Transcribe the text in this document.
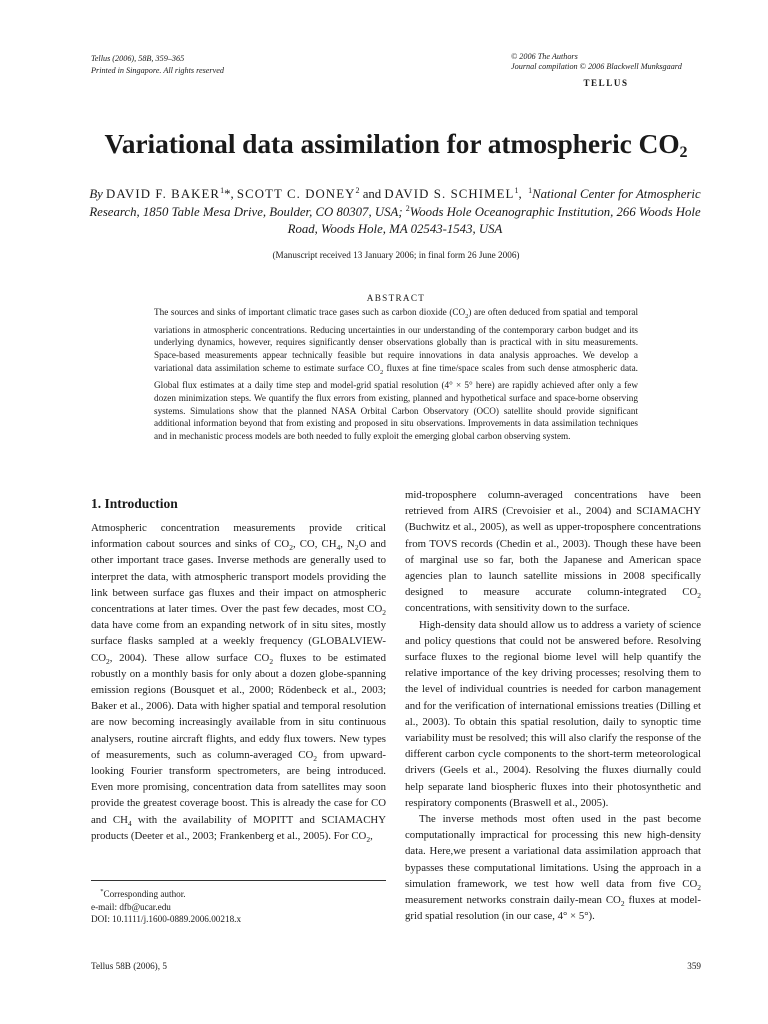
Tellus (2006), 58B, 359–365
Printed in Singapore. All rights reserved
© 2006 The Authors
Journal compilation © 2006 Blackwell Munksgaard
TELLUS
Variational data assimilation for atmospheric $CO_2$
By DAVID F. BAKER$^1$*, SCOTT C. DONEY$^2$ and DAVID S. SCHIMEL$^1$,  $^1$National Center for Atmospheric Research, 1850 Table Mesa Drive, Boulder, CO 80307, USA; $^2$Woods Hole Oceanographic Institution, 266 Woods Hole Road, Woods Hole, MA 02543-1543, USA
(Manuscript received 13 January 2006; in final form 26 June 2006)
ABSTRACT
The sources and sinks of important climatic trace gases such as carbon dioxide $(CO_2)$ are often deduced from spatial and temporal variations in atmospheric concentrations. Reducing uncertainties in our understanding of the contemporary carbon budget and its underlying dynamics, however, requires significantly denser observations globally than is practical with in situ measurements. Space-based measurements appear technically feasible but require innovations in data analysis approaches. We develop a variational data assimilation scheme to estimate surface $CO_2$ fluxes at fine time/space scales from such dense atmospheric data. Global flux estimates at a daily time step and model-grid spatial resolution (4° × 5° here) are rapidly achieved after only a few dozen minimization steps. We quantify the flux errors from existing, planned and hypothetical surface and space-borne observing systems. Simulations show that the planned NASA Orbital Carbon Observatory (OCO) satellite should provide significant additional information beyond that from existing and proposed in situ observations. Improvements in data assimilation techniques and in mechanistic process models are both needed to fully exploit the emerging global carbon observing system.
1. Introduction

Atmospheric concentration measurements provide critical information cabout sources and sinks of $CO_2$, CO, $CH_4$, $N_2O$ and other important trace gases. Inverse methods are generally used to interpret the data, with atmospheric transport models providing the link between surface gas fluxes and their impact on atmospheric concentrations at later times. Over the past few decades, most $CO_2$ data have come from an expanding network of in situ sites, mostly surface flasks sampled at a weekly frequency ($GLOBALVIEW-CO_2$, 2004). These allow surface $CO_2$ fluxes to be estimated robustly on a monthly basis for only about a dozen globe-spanning emission regions (Bousquet et al., 2000; Rödenbeck et al., 2003; Baker et al., 2006). Data with higher spatial and temporal resolution are now becoming increasingly available from in situ continuous analysers, routine aircraft flights, and eddy flux towers. New types of measurements, such as column-averaged $CO_2$ from upward-looking Fourier transform spectrometers, are being introduced. Even more promising, concentration data from satellites may soon provide the greatest coverage boost. This is already the case for CO and $CH_4$ with the availability of MOPITT and SCIAMACHY products (Deeter et al., 2003; Frankenberg et al., 2005). For $CO_2$,

mid-troposphere column-averaged concentrations have been retrieved from AIRS (Crevoisier et al., 2004) and SCIAMACHY (Buchwitz et al., 2005), as well as upper-troposphere concentrations from TOVS records (Chedin et al., 2003). Though these have been of marginal use so far, both the Japanese and American space agencies plan to launch satellite missions in 2008 specifically designed to measure accurate column-integrated $CO_2$ concentrations, with sensitivity down to the surface.

High-density data should allow us to address a variety of science and policy questions that could not be answered before. Resolving surface fluxes to the regional biome level will help quantify the relative importance of the key driving processes; resolving them to the level of individual countries is needed for carbon management and for the verification of international emissions treaties (Dilling et al., 2003). To obtain this spatial resolution, daily to synoptic time variability must be resolved; this will also clarify the response of the different carbon cycle components to the short-term meteorological drivers (Geels et al., 2004). Resolving the fluxes diurnally could help separate land biospheric fluxes into their photosynthetic and respiratory components (Braswell et al., 2005).

The inverse methods most often used in the past become computationally impractical for processing this new high-density data. Here,we present a variational data assimilation approach that bypasses these computational limitations. Using the approach in a simulation framework, we test how well data from five $CO_2$ measurement networks constrain daily-mean $CO_2$ fluxes at model-grid spatial resolution (in our case, 4° × 5°).

*Corresponding author.
e-mail: dfb@ucar.edu
DOI: 10.1111/j.1600-0889.2006.00218.x
Tellus 58B (2006), 5	359
